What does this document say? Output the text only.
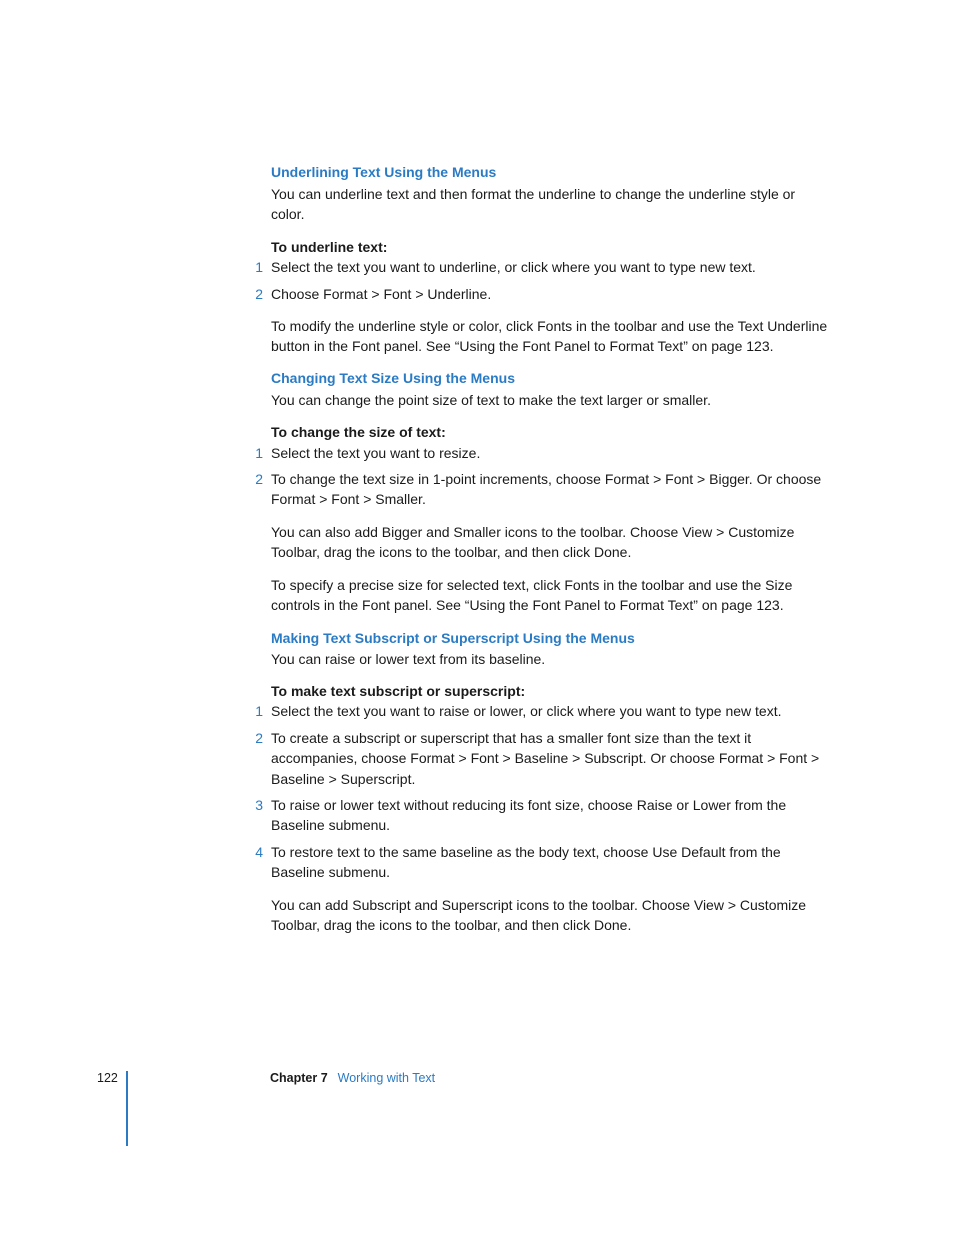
Underlining Text Using the Menus

You can underline text and then format the underline to change the underline style or color.

To underline text:

1 Select the text you want to underline, or click where you want to type new text.
2 Choose Format > Font > Underline.

To modify the underline style or color, click Fonts in the toolbar and use the Text Underline button in the Font panel. See “Using the Font Panel to Format Text” on page 123.

Changing Text Size Using the Menus

You can change the point size of text to make the text larger or smaller.

To change the size of text:

1 Select the text you want to resize.
2 To change the text size in 1-point increments, choose Format > Font > Bigger. Or choose Format > Font > Smaller.

You can also add Bigger and Smaller icons to the toolbar. Choose View > Customize Toolbar, drag the icons to the toolbar, and then click Done.

To specify a precise size for selected text, click Fonts in the toolbar and use the Size controls in the Font panel. See “Using the Font Panel to Format Text” on page 123.

Making Text Subscript or Superscript Using the Menus

You can raise or lower text from its baseline.

To make text subscript or superscript:

1 Select the text you want to raise or lower, or click where you want to type new text.
2 To create a subscript or superscript that has a smaller font size than the text it accompanies, choose Format > Font > Baseline > Subscript. Or choose Format > Font > Baseline > Superscript.
3 To raise or lower text without reducing its font size, choose Raise or Lower from the Baseline submenu.
4 To restore text to the same baseline as the body text, choose Use Default from the Baseline submenu.

You can add Subscript and Superscript icons to the toolbar. Choose View > Customize Toolbar, drag the icons to the toolbar, and then click Done.

122	Chapter 7 Working with Text
